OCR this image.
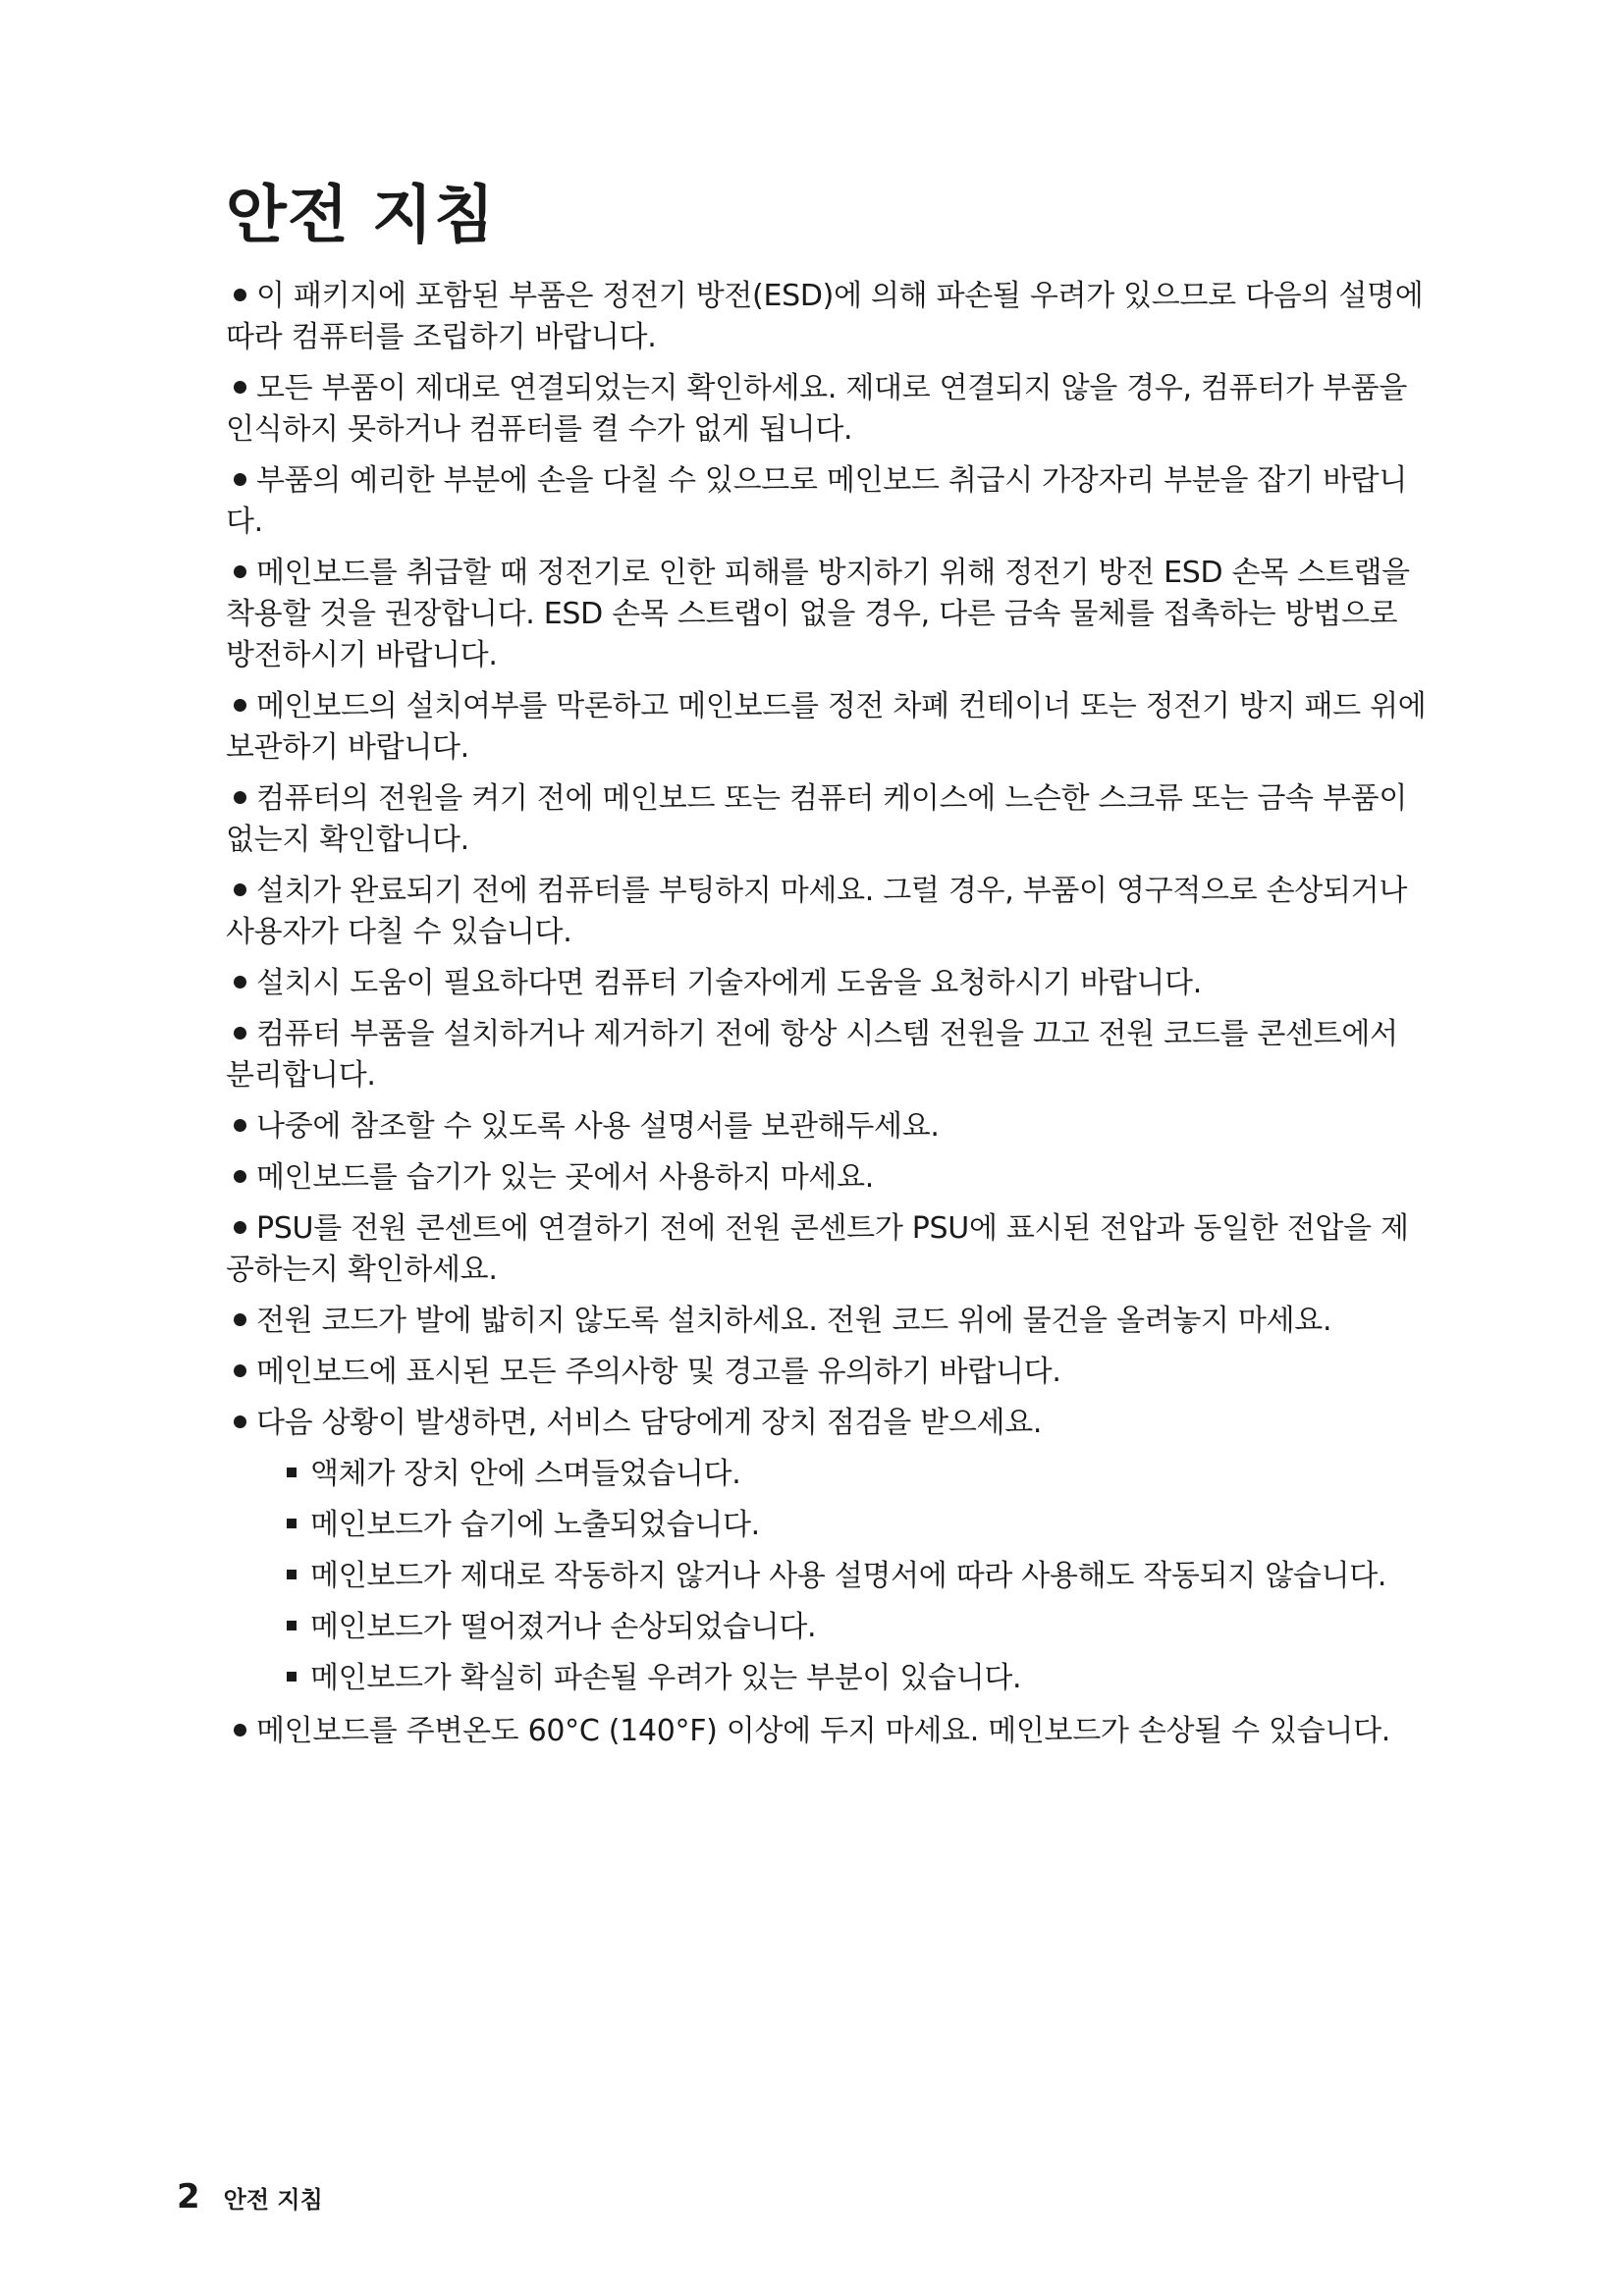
안전 지침
이 패키지에 포함된 부품은 정전기 방전(ESD)에 의해 파손될 우려가 있으므로 다음의 설명에 따라 컴퓨터를 조립하기 바랍니다.
모든 부품이 제대로 연결되었는지 확인하세요. 제대로 연결되지 않을 경우, 컴퓨터가 부품을 인식하지 못하거나 컴퓨터를 켤 수가 없게 됩니다.
부품의 예리한 부분에 손을 다칠 수 있으므로 메인보드 취급시 가장자리 부분을 잡기 바랍니다.
메인보드를 취급할 때 정전기로 인한 피해를 방지하기 위해 정전기 방전 ESD 손목 스트랩을 착용할 것을 권장합니다. ESD 손목 스트랩이 없을 경우, 다른 금속 물체를 접촉하는 방법으로 방전하시기 바랍니다.
메인보드의 설치여부를 막론하고 메인보드를 정전 차폐 컨테이너 또는 정전기 방지 패드 위에 보관하기 바랍니다.
컴퓨터의 전원을 켜기 전에 메인보드 또는 컴퓨터 케이스에 느슨한 스크류 또는 금속 부품이 없는지 확인합니다.
설치가 완료되기 전에 컴퓨터를 부팅하지 마세요. 그럴 경우, 부품이 영구적으로 손상되거나 사용자가 다칠 수 있습니다.
설치시 도움이 필요하다면 컴퓨터 기술자에게 도움을 요청하시기 바랍니다.
컴퓨터 부품을 설치하거나 제거하기 전에 항상 시스템 전원을 끄고 전원 코드를 콘센트에서 분리합니다.
나중에 참조할 수 있도록 사용 설명서를 보관해두세요.
메인보드를 습기가 있는 곳에서 사용하지 마세요.
PSU를 전원 콘센트에 연결하기 전에 전원 콘센트가 PSU에 표시된 전압과 동일한 전압을 제공하는지 확인하세요.
전원 코드가 발에 밟히지 않도록 설치하세요. 전원 코드 위에 물건을 올려놓지 마세요.
메인보드에 표시된 모든 주의사항 및 경고를 유의하기 바랍니다.
다음 상황이 발생하면, 서비스 담당에게 장치 점검을 받으세요.
액체가 장치 안에 스며들었습니다.
메인보드가 습기에 노출되었습니다.
메인보드가 제대로 작동하지 않거나 사용 설명서에 따라 사용해도 작동되지 않습니다.
메인보드가 떨어졌거나 손상되었습니다.
메인보드가 확실히 파손될 우려가 있는 부분이 있습니다.
메인보드를 주변온도 60°C (140°F) 이상에 두지 마세요. 메인보드가 손상될 수 있습니다.
2 안전 지침
